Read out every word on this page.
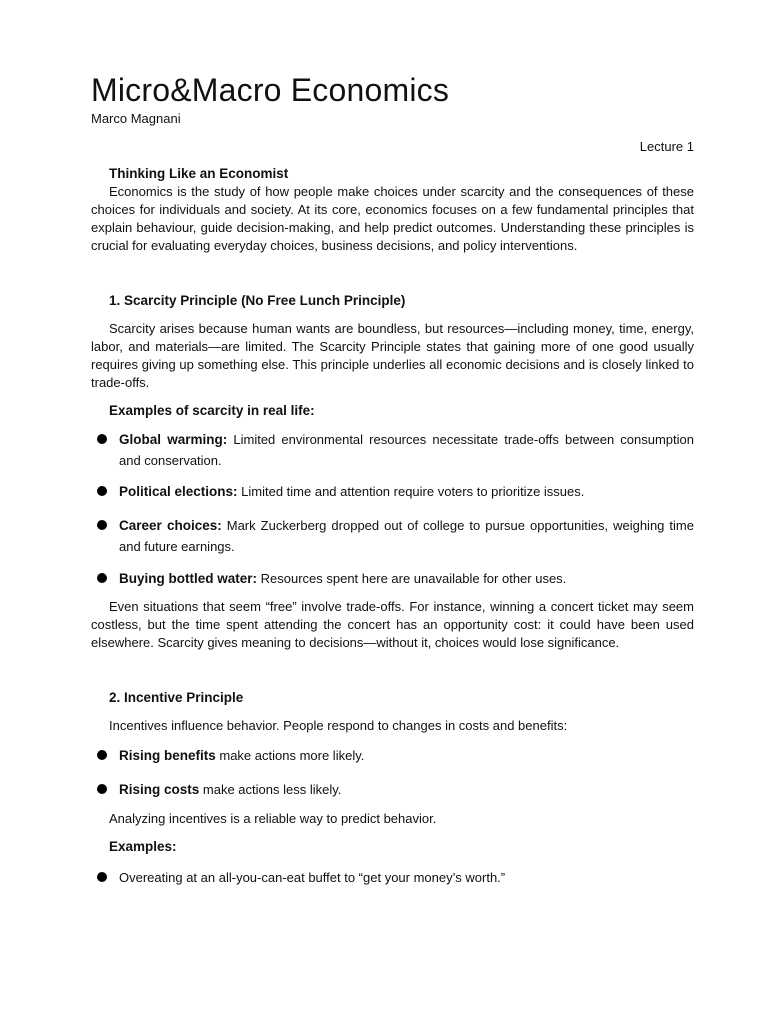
Micro&Macro Economics

Marco Magnani

Lecture 1

Thinking Like an Economist

Economics is the study of how people make choices under scarcity and the consequences of these choices for individuals and society. At its core, economics focuses on a few fundamental principles that explain behaviour, guide decision-making, and help predict outcomes. Understanding these principles is crucial for evaluating everyday choices, business decisions, and policy interventions.

1. Scarcity Principle (No Free Lunch Principle)

Scarcity arises because human wants are boundless, but resources—including money, time, energy, labor, and materials—are limited. The Scarcity Principle states that gaining more of one good usually requires giving up something else. This principle underlies all economic decisions and is closely linked to trade-offs.

Examples of scarcity in real life:

Global warming: Limited environmental resources necessitate trade-offs between consumption and conservation.
Political elections: Limited time and attention require voters to prioritize issues.
Career choices: Mark Zuckerberg dropped out of college to pursue opportunities, weighing time and future earnings.
Buying bottled water: Resources spent here are unavailable for other uses.

Even situations that seem “free” involve trade-offs. For instance, winning a concert ticket may seem costless, but the time spent attending the concert has an opportunity cost: it could have been used elsewhere. Scarcity gives meaning to decisions—without it, choices would lose significance.

2. Incentive Principle

Incentives influence behavior. People respond to changes in costs and benefits:

Rising benefits make actions more likely.
Rising costs make actions less likely.

Analyzing incentives is a reliable way to predict behavior.

Examples:

Overeating at an all-you-can-eat buffet to “get your money’s worth.”
